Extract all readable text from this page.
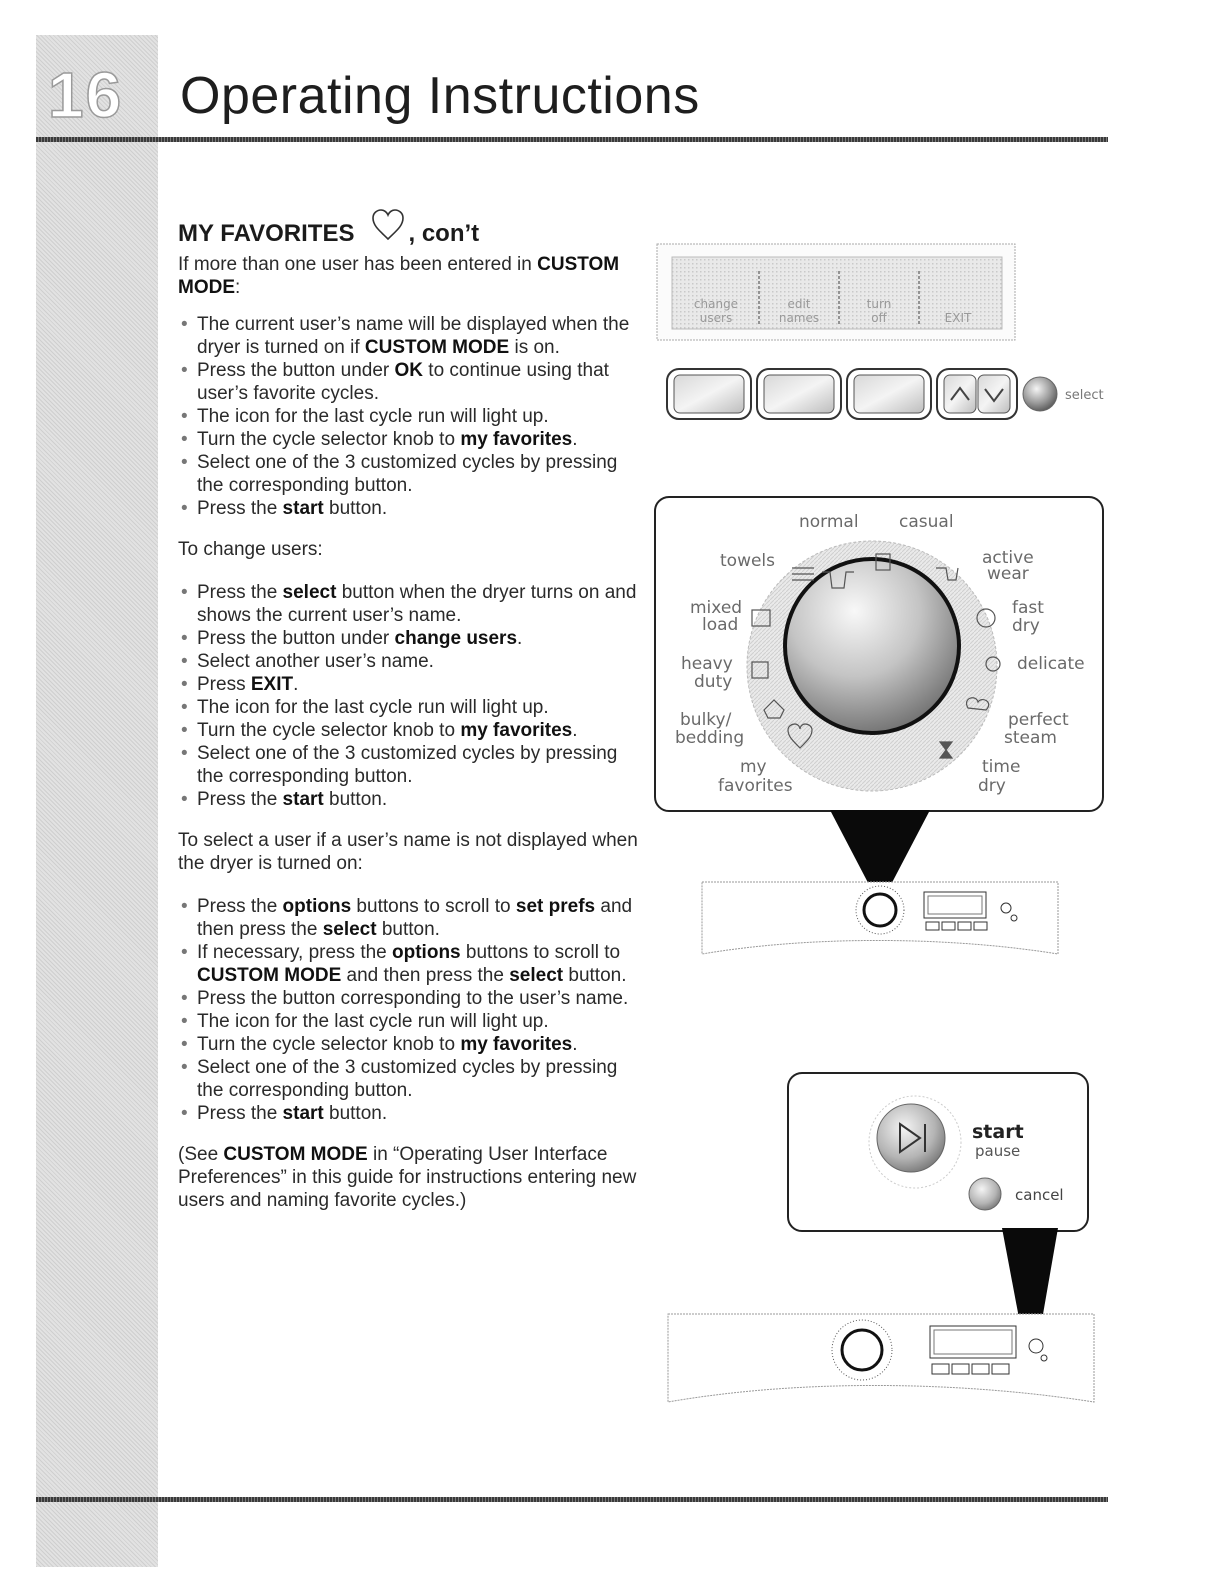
16 Operating Instructions
MY FAVORITES , con’t

If more than one user has been entered in CUSTOM MODE:

• The current user’s name will be displayed when the dryer is turned on if CUSTOM MODE is on.
• Press the button under OK to continue using that user’s favorite cycles.
• The icon for the last cycle run will light up.
• Turn the cycle selector knob to my favorites.
• Select one of the 3 customized cycles by pressing the corresponding button.
• Press the start button.

To change users:

• Press the select button when the dryer turns on and shows the current user’s name.
• Press the button under change users.
• Select another user’s name.
• Press EXIT.
• The icon for the last cycle run will light up.
• Turn the cycle selector knob to my favorites.
• Select one of the 3 customized cycles by pressing the corresponding button.
• Press the start button.

To select a user if a user’s name is not displayed when the dryer is turned on:

• Press the options buttons to scroll to set prefs and then press the select button.
• If necessary, press the options buttons to scroll to CUSTOM MODE and then press the select button.
• Press the button corresponding to the user’s name.
• The icon for the last cycle run will light up.
• Turn the cycle selector knob to my favorites.
• Select one of the 3 customized cycles by pressing the corresponding button.
• Press the start button.

(See CUSTOM MODE in “Operating User Interface Preferences” in this guide for instructions entering new users and naming favorite cycles.)

change
users
edit
names
turn
off	EXIT
select
normal casual
towels	active
wear
mixed
load
fast
dry
heavy
duty
delicate
bulky/
bedding
perfect
steam
my
favorites
time
dry
start
pause
cancel
